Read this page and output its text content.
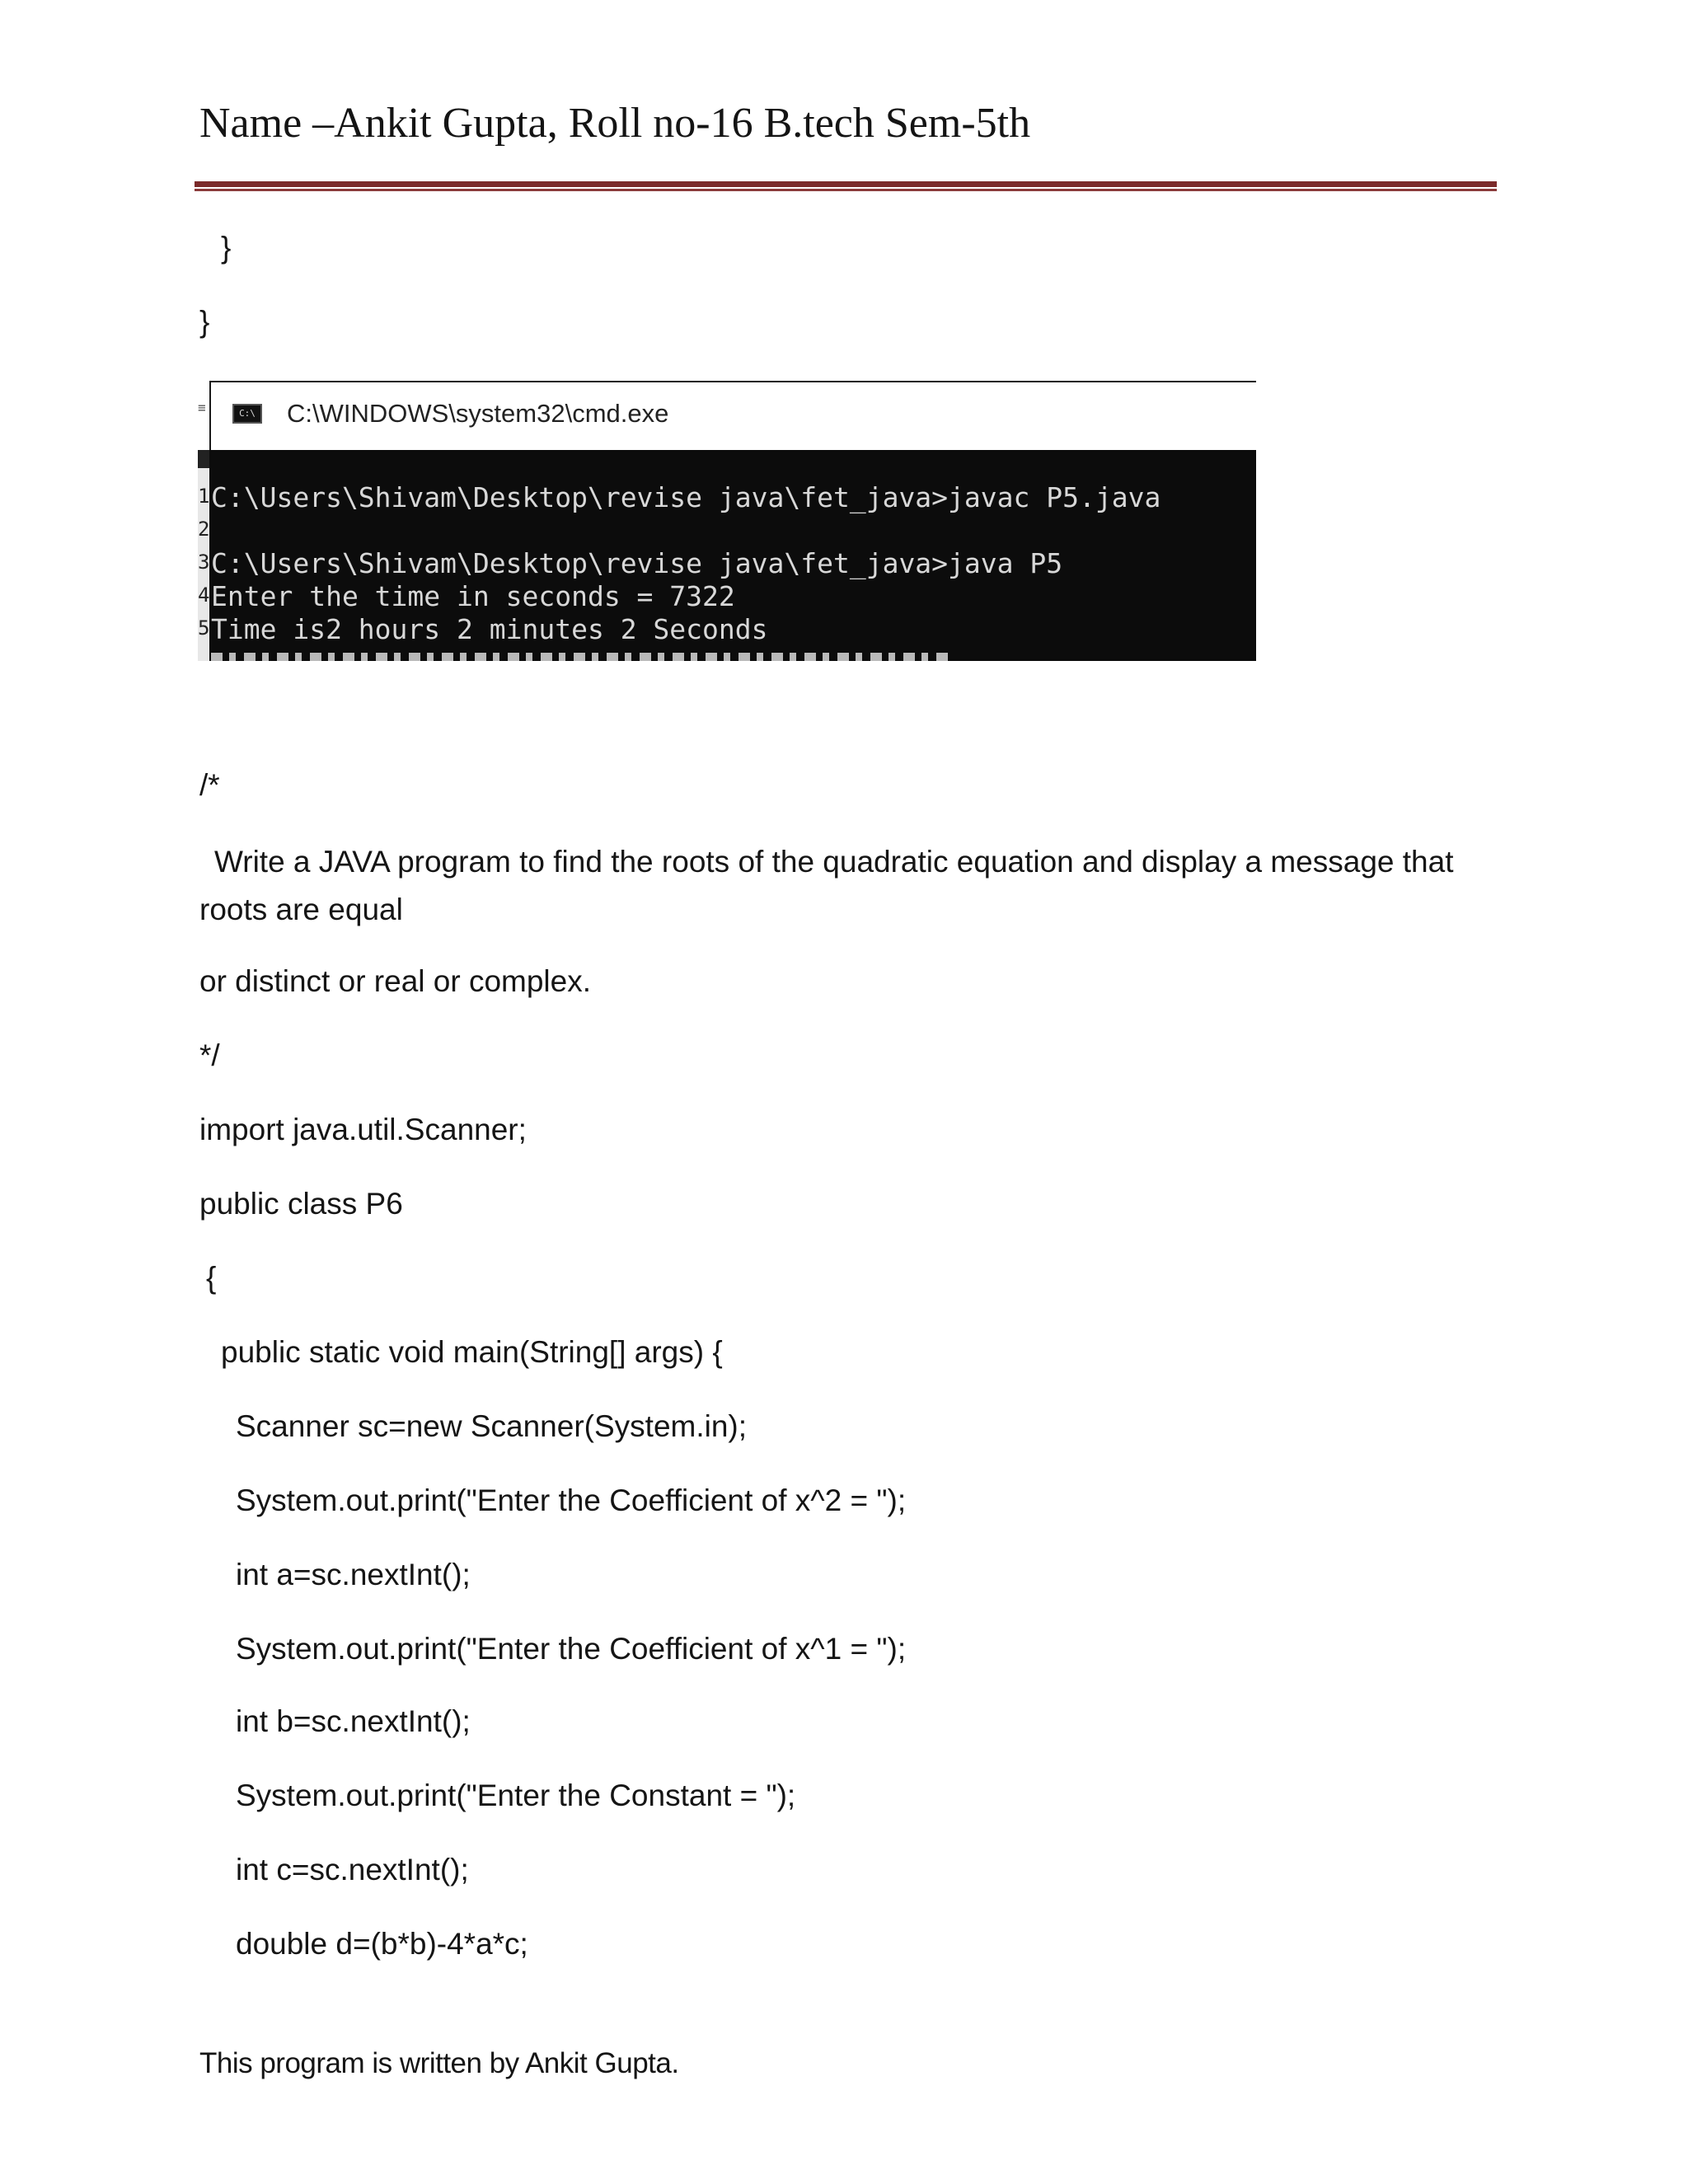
Name –Ankit Gupta, Roll no-16 B.tech Sem-5th
}
}
≡	C:\ C:\WINDOWS\system32\cmd.exe
1
2
3
4
5
C:\Users\Shivam\Desktop\revise java\fet_java>javac P5.java
C:\Users\Shivam\Desktop\revise java\fet_java>java P5
Enter the time in seconds = 7322
Time is2 hours 2 minutes 2 Seconds
/*
Write a JAVA program to find the roots of the quadratic equation and display a message that roots are equal
or distinct or real or complex.
*/
import java.util.Scanner;
public class P6
{
public static void main(String[] args) {
Scanner sc=new Scanner(System.in);
System.out.print("Enter the Coefficient of x^2 = ");
int a=sc.nextInt();
System.out.print("Enter the Coefficient of x^1 = ");
int b=sc.nextInt();
System.out.print("Enter the Constant = ");
int c=sc.nextInt();
double d=(b*b)-4*a*c;
This program is written by Ankit Gupta.
